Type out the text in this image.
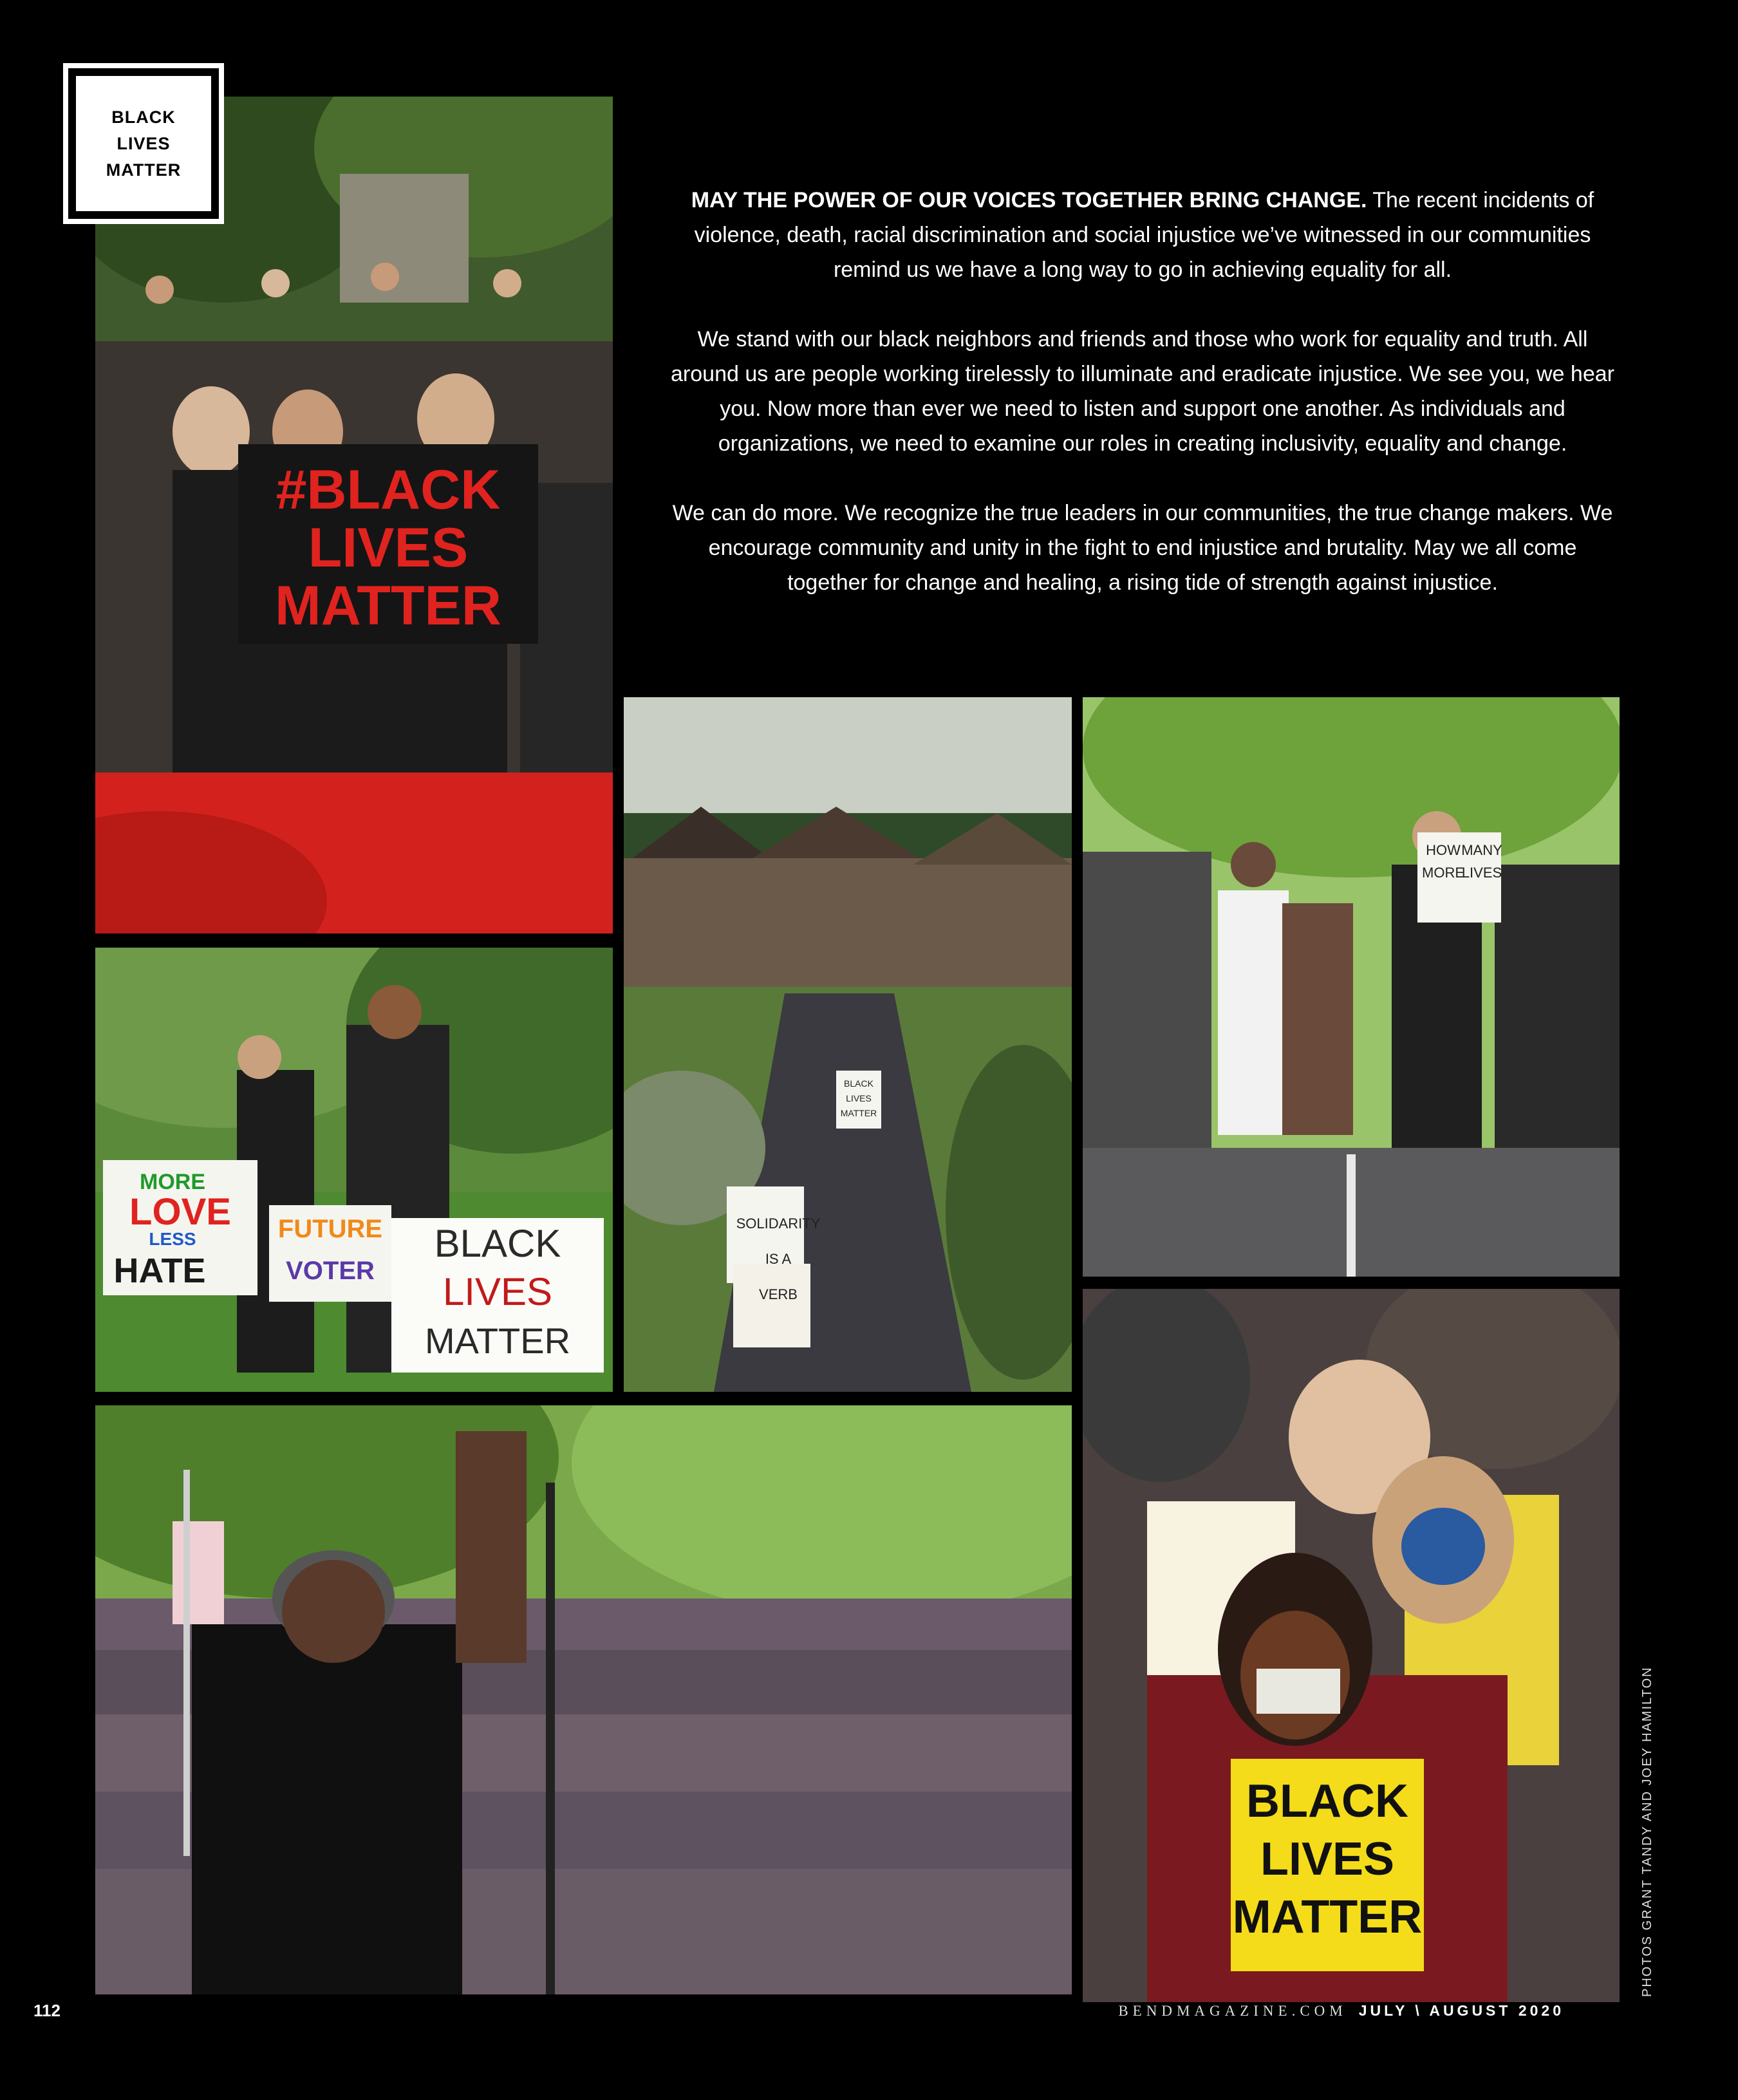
BLACK
LIVES
MATTER
#BLACK
LIVES
MATTER
MORE
LOVE
LESS
HATE
FUTURE
VOTER
BLACK
LIVES
MATTER
SOLIDARITY
IS A
VERB
BLACK
LIVES
MATTER
HOW MANY
MORE
LIVES
BLACK
LIVES
MATTER

MAY THE POWER OF OUR VOICES TOGETHER BRING CHANGE. The recent incidents of violence, death, racial discrimination and social injustice we’ve witnessed in our communities remind us we have a long way to go in achieving equality for all.

We stand with our black neighbors and friends and those who work for equality and truth. All around us are people working tirelessly to illuminate and eradicate injustice. We see you, we hear you. Now more than ever we need to listen and support one another. As individuals and organizations, we need to examine our roles in creating inclusivity, equality and change.

We can do more. We recognize the true leaders in our communities, the true change makers. We encourage community and unity in the fight to end injustice and brutality. May we all come together for change and healing, a rising tide of strength against injustice.

112	BENDMAGAZINE.COM JULY \ AUGUST 2020
PHOTOS GRANT TANDY AND JOEY HAMILTON
